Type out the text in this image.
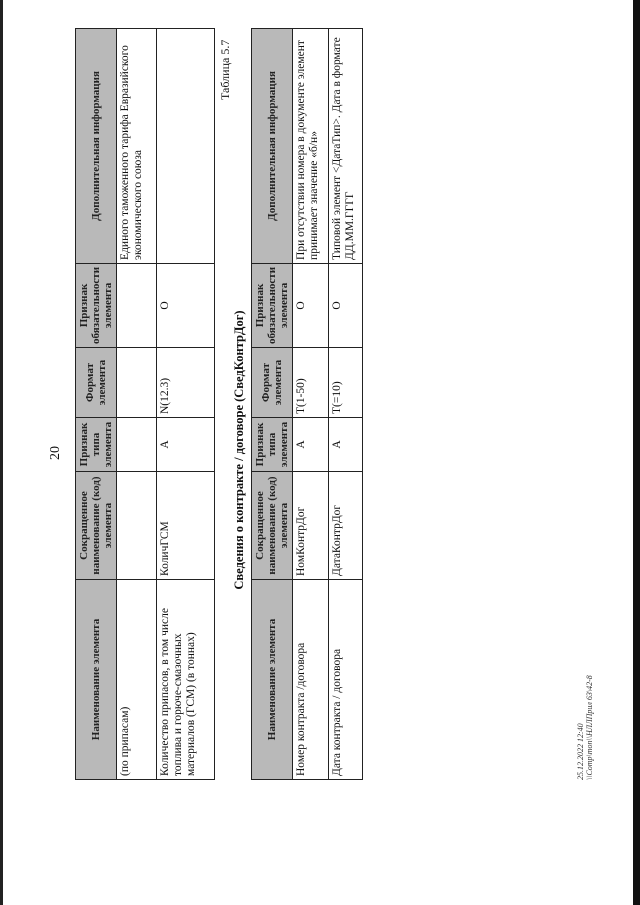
20
Наименование элемента	Сокращенное наименование (код) элемента	Признак типа элемента	Формат элемента	Признак обязательности элемента	Дополнительная информация
(по припасам)					Единого таможенного тарифа Евразийского экономического союза
Количество припасов, в том числе топлива и горюче-смазочных материалов (ГСМ) (в тоннах)	КоличГСМ	А	N(12.3)	О	
Таблица 5.7
Сведения о контракте / договоре (СведКонтрДог)
Наименование элемента	Сокращенное наименование (код) элемента	Признак типа элемента	Формат элемента	Признак обязательности элемента	Дополнительная информация
Номер контракта /договора	НомКонтрДог	А	T(1-50)	О	При отсутствии номера в документе элемент принимает значение «б/н»
Дата контракта / договора	ДатаКонтрДог	А	T(=10)	О	Типовой элемент <ДатаТип>. Дата в формате ДД.ММ.ГГГГ
25.12.2022 12:40 \\Comp\mon\\НЛЛПрил 63\42-8
